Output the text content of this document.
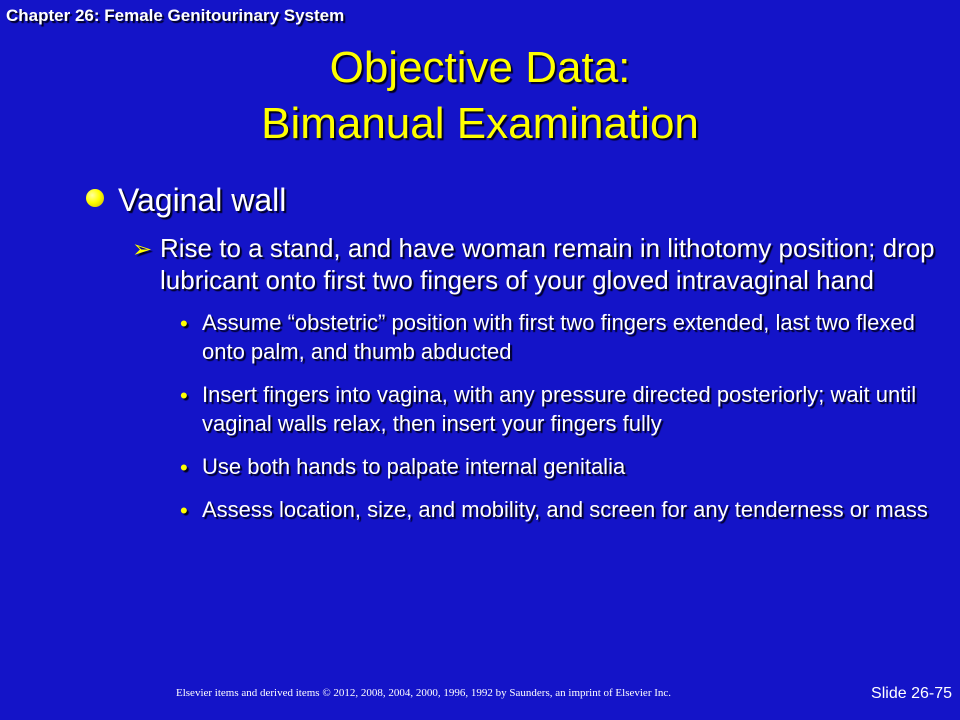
Chapter 26: Female Genitourinary System
Objective Data:
Bimanual Examination
Vaginal wall
➢ Rise to a stand, and have woman remain in lithotomy position; drop lubricant onto first two fingers of your gloved intravaginal hand
• Assume “obstetric” position with first two fingers extended, last two flexed onto palm, and thumb abducted
• Insert fingers into vagina, with any pressure directed posteriorly; wait until vaginal walls relax, then insert your fingers fully
• Use both hands to palpate internal genitalia
• Assess location, size, and mobility, and screen for any tenderness or mass
Elsevier items and derived items © 2012, 2008, 2004, 2000, 1996, 1992 by Saunders, an imprint of Elsevier Inc.	Slide 26-75
